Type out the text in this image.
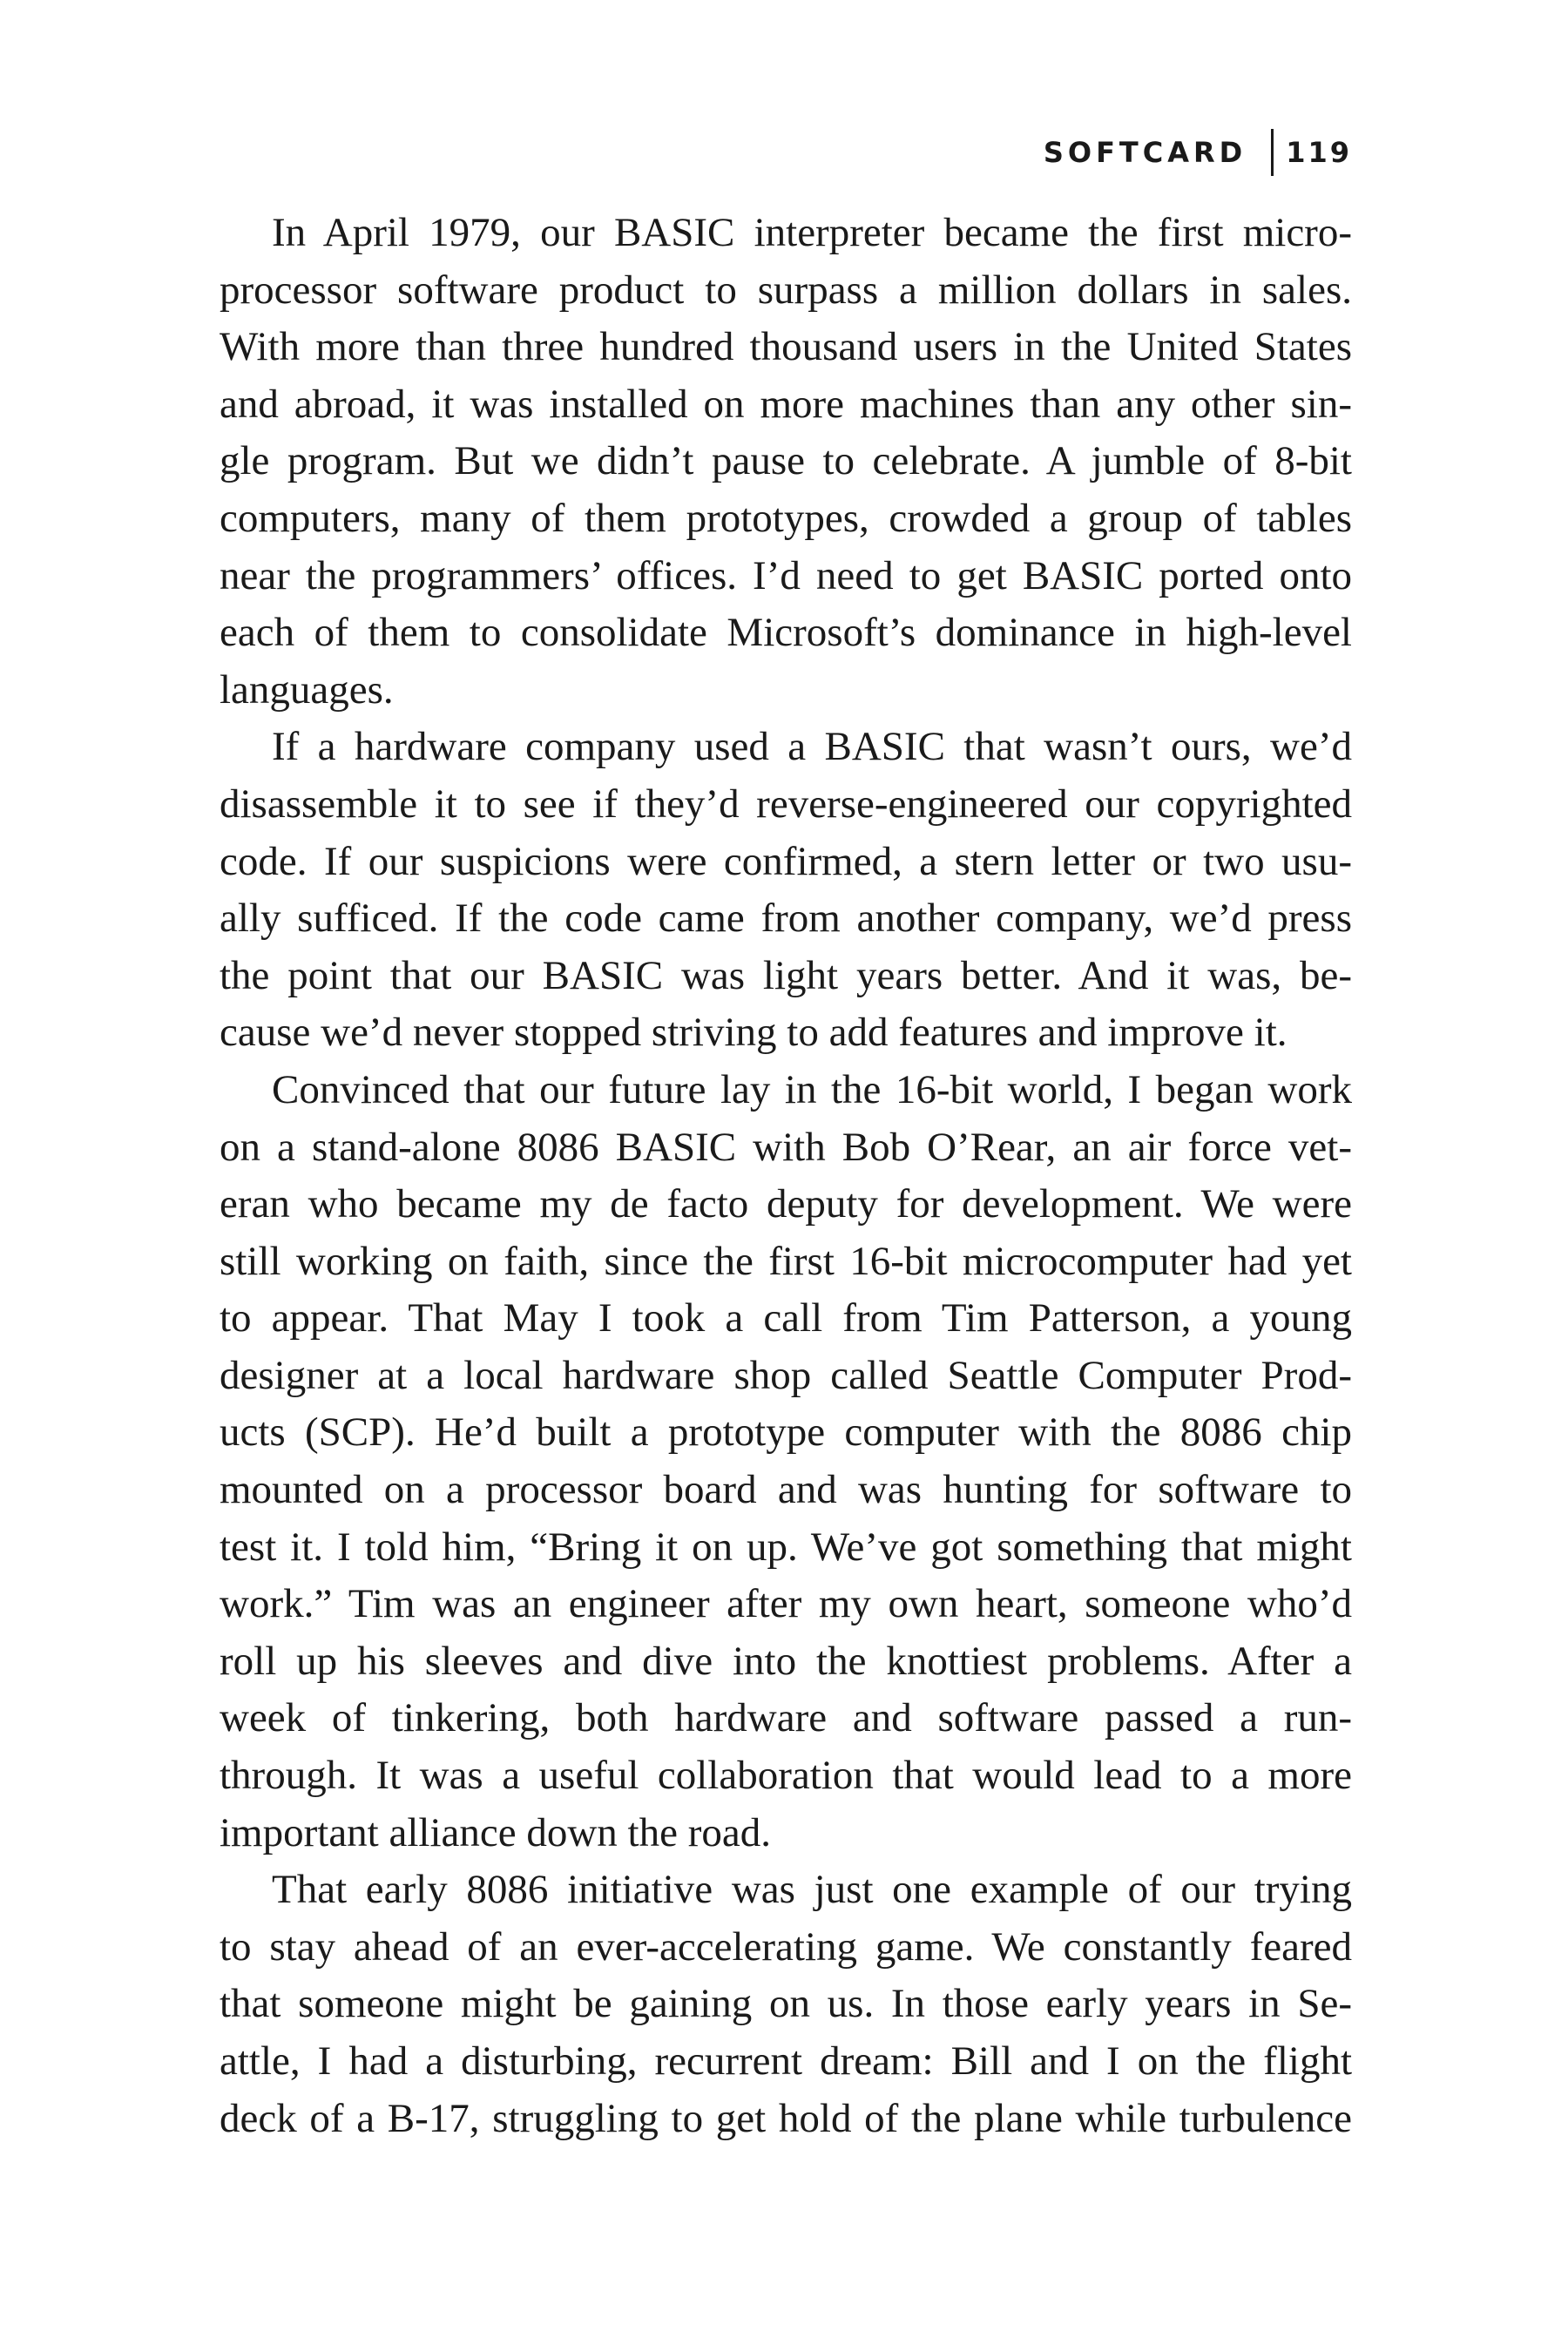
SOFTCARD	119
In April 1979, our BASIC interpreter became the first micro-
processor software product to surpass a million dollars in sales.
With more than three hundred thousand users in the United States
and abroad, it was installed on more machines than any other sin-
gle program. But we didn’t pause to celebrate. A jumble of 8-bit
computers, many of them prototypes, crowded a group of tables
near the programmers’ offices. I’d need to get BASIC ported onto
each of them to consolidate Microsoft’s dominance in high-level
languages.
If a hardware company used a BASIC that wasn’t ours, we’d
disassemble it to see if they’d reverse-engineered our copyrighted
code. If our suspicions were confirmed, a stern letter or two usu-
ally sufficed. If the code came from another company, we’d press
the point that our BASIC was light years better. And it was, be-
cause we’d never stopped striving to add features and improve it.
Convinced that our future lay in the 16-bit world, I began work
on a stand-alone 8086 BASIC with Bob O’Rear, an air force vet-
eran who became my de facto deputy for development. We were
still working on faith, since the first 16-bit microcomputer had yet
to appear. That May I took a call from Tim Patterson, a young
designer at a local hardware shop called Seattle Computer Prod-
ucts (SCP). He’d built a prototype computer with the 8086 chip
mounted on a processor board and was hunting for software to
test it. I told him, “Bring it on up. We’ve got something that might
work.” Tim was an engineer after my own heart, someone who’d
roll up his sleeves and dive into the knottiest problems. After a
week of tinkering, both hardware and software passed a run-
through. It was a useful collaboration that would lead to a more
important alliance down the road.
That early 8086 initiative was just one example of our trying
to stay ahead of an ever-accelerating game. We constantly feared
that someone might be gaining on us. In those early years in Se-
attle, I had a disturbing, recurrent dream: Bill and I on the flight
deck of a B-17, struggling to get hold of the plane while turbulence
